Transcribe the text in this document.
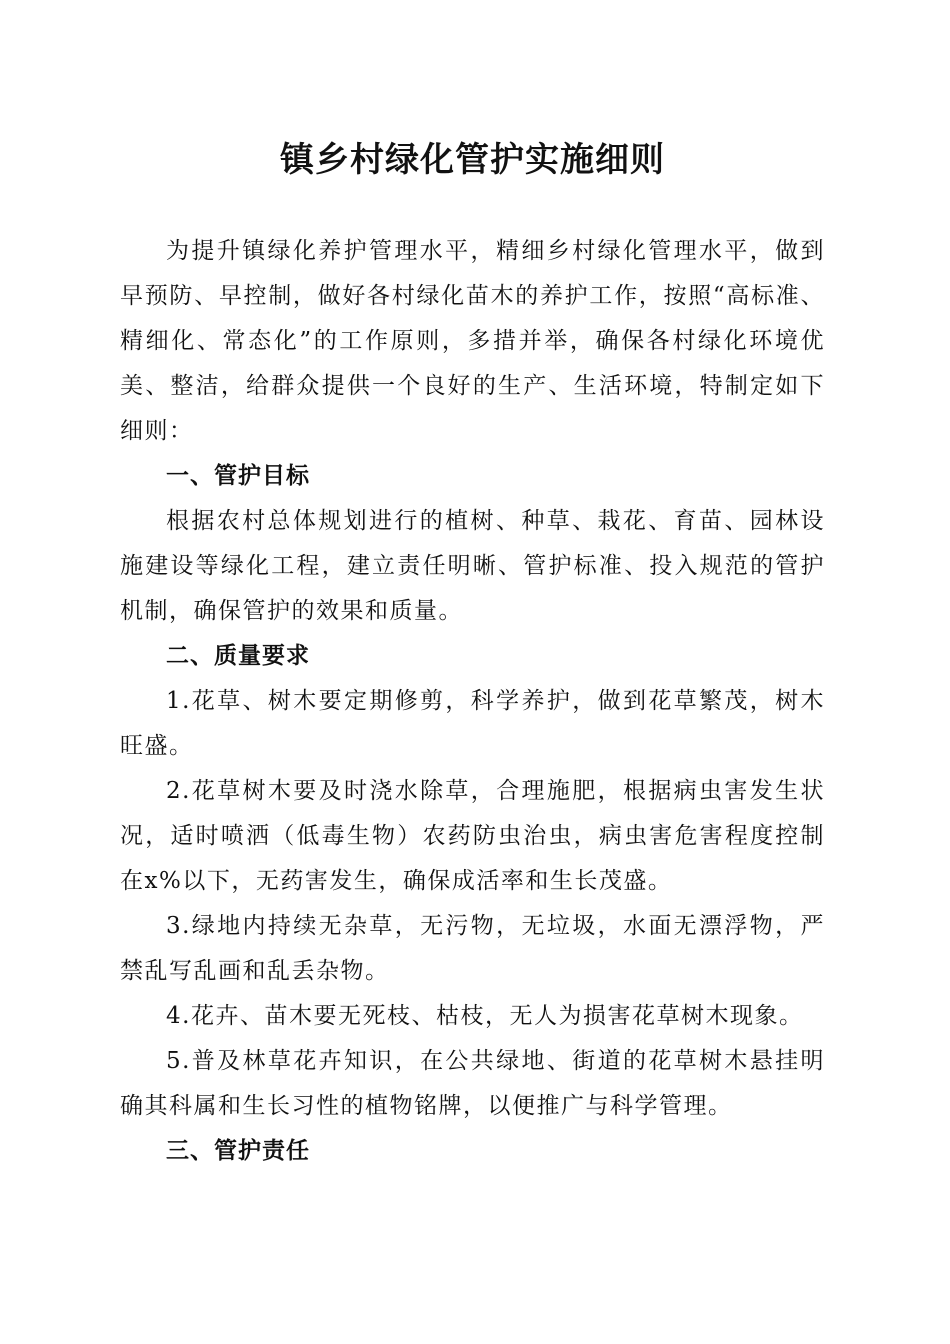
镇乡村绿化管护实施细则

为提升镇绿化养护管理水平，精细乡村绿化管理水平，做到早预防、早控制，做好各村绿化苗木的养护工作，按照“高标准、精细化、常态化”的工作原则，多措并举，确保各村绿化环境优美、整洁，给群众提供一个良好的生产、生活环境，特制定如下细则：

一、管护目标

根据农村总体规划进行的植树、种草、栽花、育苗、园林设施建设等绿化工程，建立责任明晰、管护标准、投入规范的管护机制，确保管护的效果和质量。

二、质量要求

1.花草、树木要定期修剪，科学养护，做到花草繁茂，树木旺盛。

2.花草树木要及时浇水除草，合理施肥，根据病虫害发生状况，适时喷洒（低毒生物）农药防虫治虫，病虫害危害程度控制在x%以下，无药害发生，确保成活率和生长茂盛。

3.绿地内持续无杂草，无污物，无垃圾，水面无漂浮物，严禁乱写乱画和乱丢杂物。

4.花卉、苗木要无死枝、枯枝，无人为损害花草树木现象。

5.普及林草花卉知识，在公共绿地、街道的花草树木悬挂明确其科属和生长习性的植物铭牌，以便推广与科学管理。

三、管护责任
